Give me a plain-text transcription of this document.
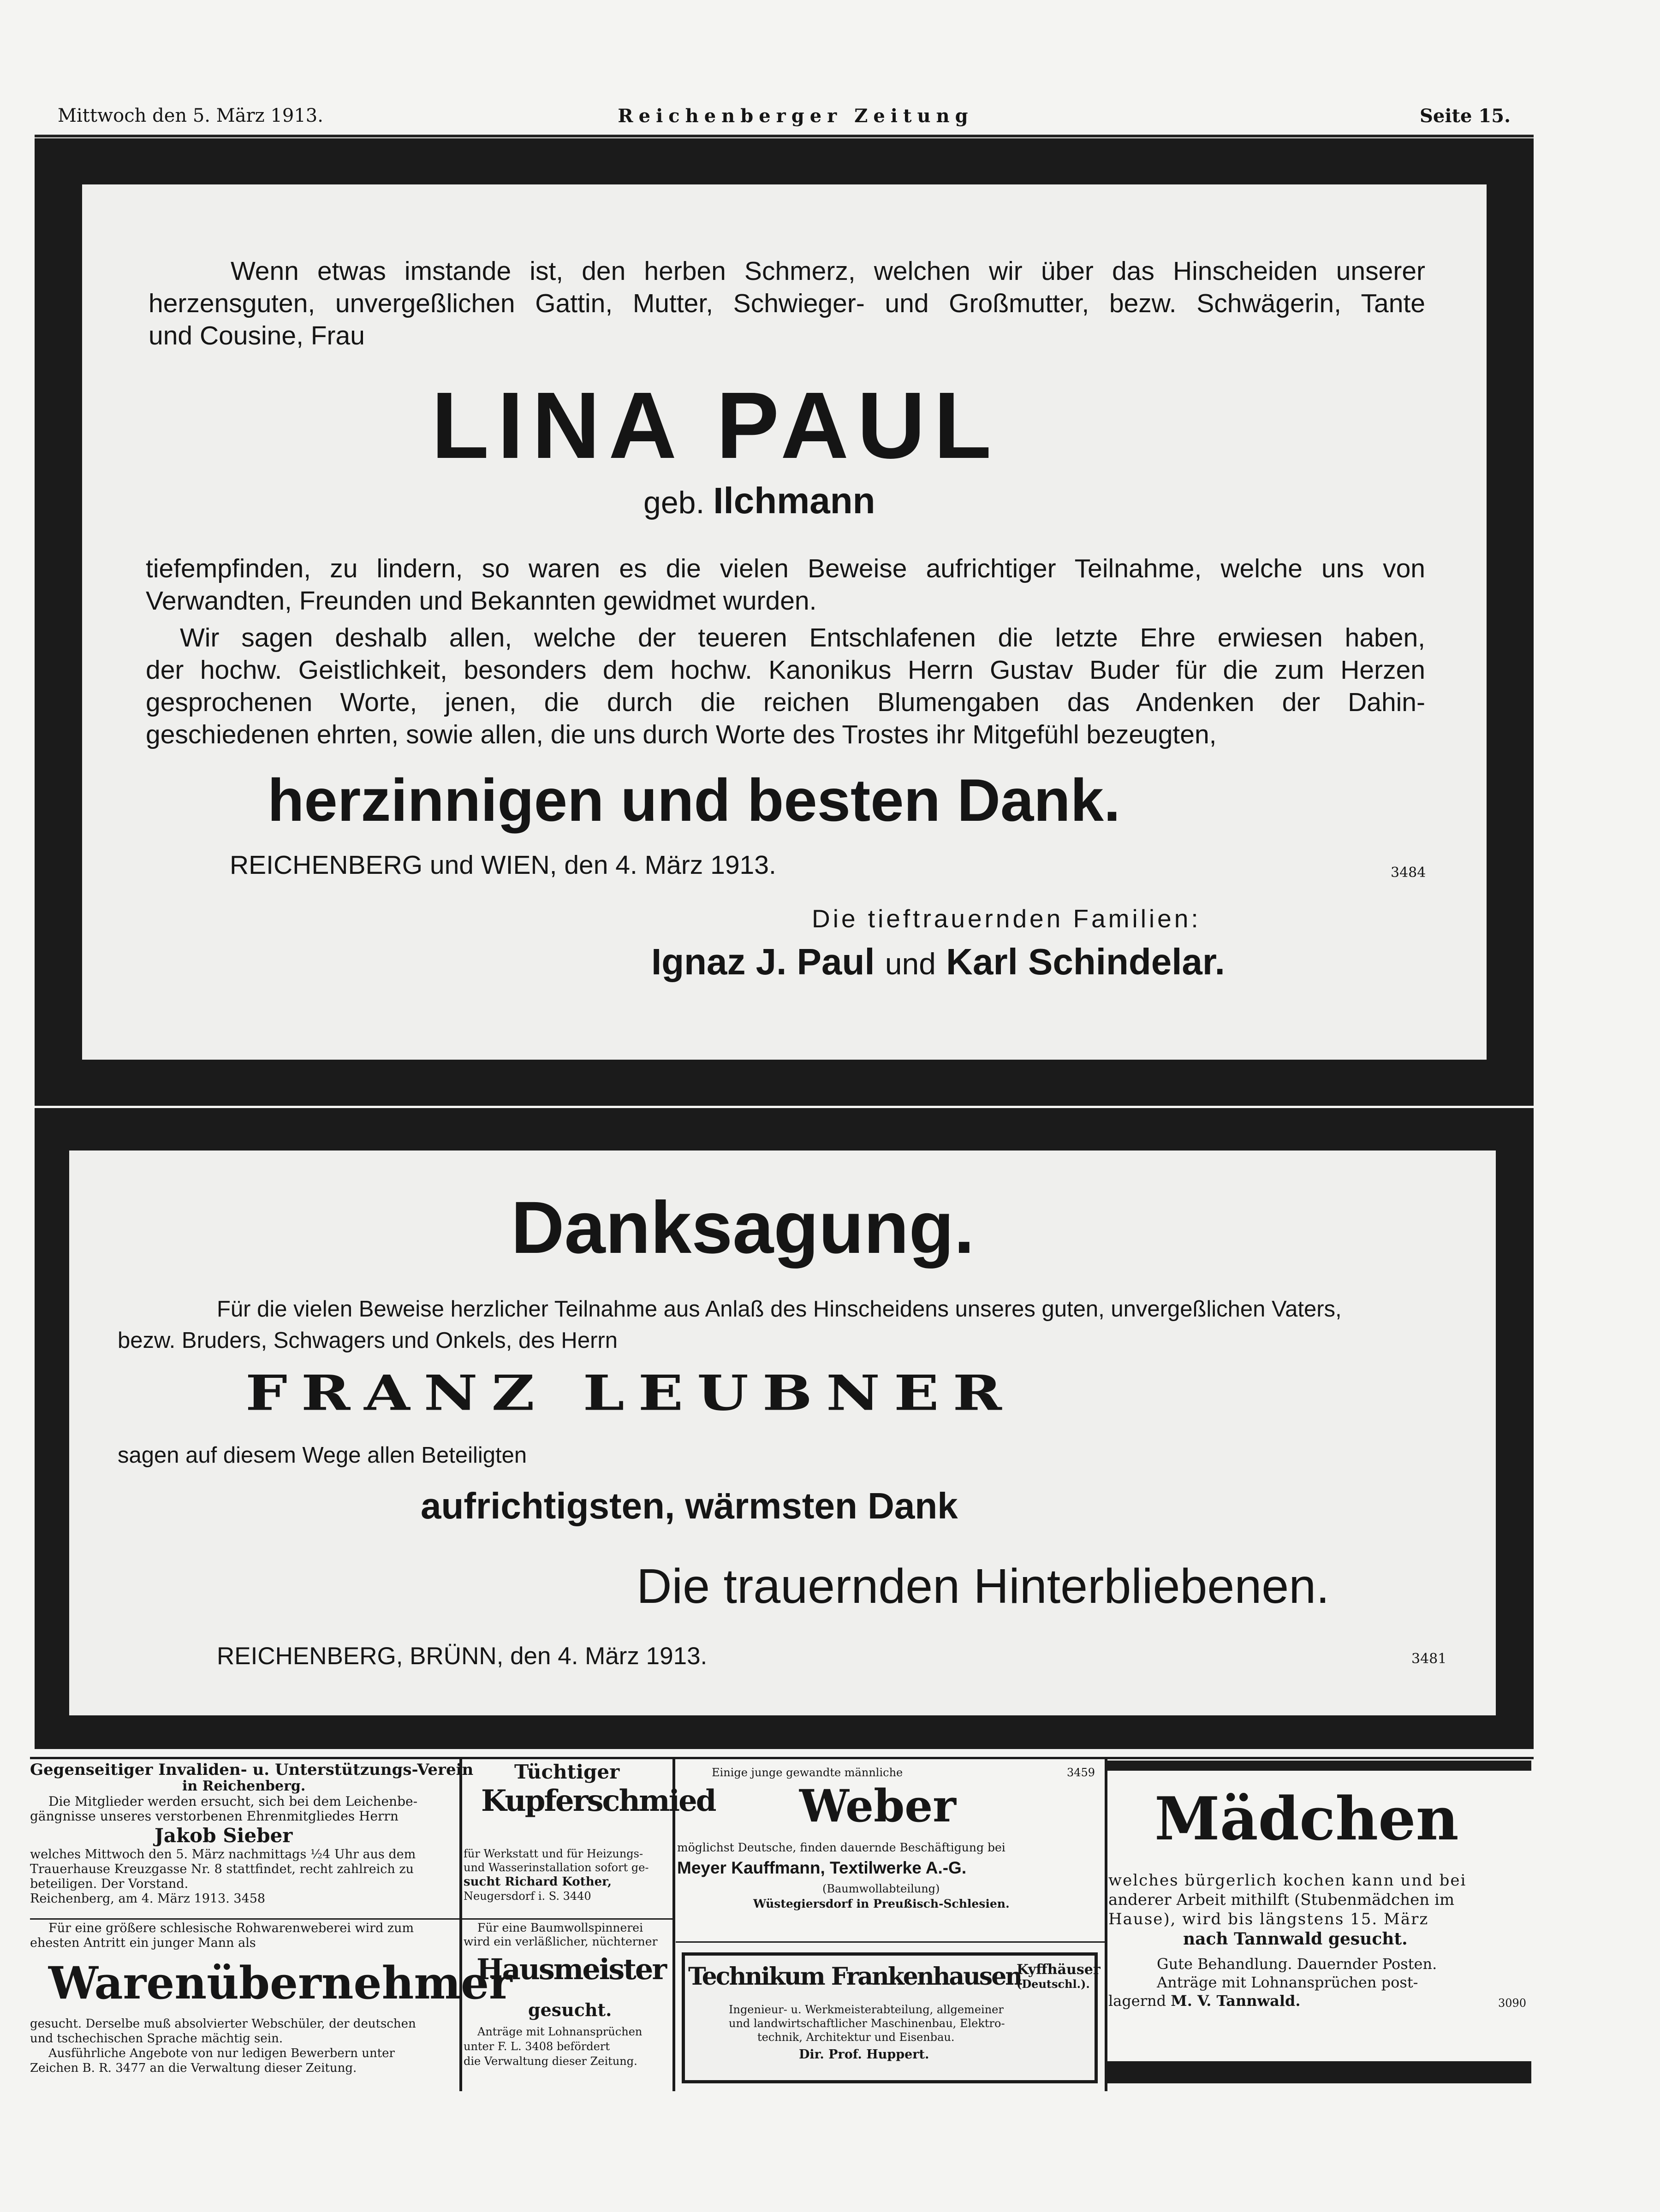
Mittwoch den 5. März 1913.	Reichenberger Zeitung	Seite 15.
Wenn etwas imstande ist, den herben Schmerz, welchen wir über das Hinscheiden unserer
herzensguten, unvergeßlichen Gattin, Mutter, Schwieger- und Großmutter, bezw. Schwägerin, Tante
und Cousine, Frau
LINA PAUL
geb. Ilchmann
tiefempfinden, zu lindern, so waren es die vielen Beweise aufrichtiger Teilnahme, welche uns von
Verwandten, Freunden und Bekannten gewidmet wurden.
Wir sagen deshalb allen, welche der teueren Entschlafenen die letzte Ehre erwiesen haben,
der hochw. Geistlichkeit, besonders dem hochw. Kanonikus Herrn Gustav Buder für die zum Herzen
gesprochenen Worte, jenen, die durch die reichen Blumengaben das Andenken der Dahin-
geschiedenen ehrten, sowie allen, die uns durch Worte des Trostes ihr Mitgefühl bezeugten,
herzinnigen und besten Dank.
REICHENBERG und WIEN, den 4. März 1913.	3484
Die tieftrauernden Familien:
Ignaz J. Paul und Karl Schindelar.
Danksagung.
Für die vielen Beweise herzlicher Teilnahme aus Anlaß des Hinscheidens unseres guten, unvergeßlichen Vaters,
bezw. Bruders, Schwagers und Onkels, des Herrn
FRANZ LEUBNER
sagen auf diesem Wege allen Beteiligten
aufrichtigsten, wärmsten Dank
Die trauernden Hinterbliebenen.
REICHENBERG, BRÜNN, den 4. März 1913.	3481
Gegenseitiger Invaliden- u. Unterstützungs-Verein
in Reichenberg.
Die Mitglieder werden ersucht, sich bei dem Leichenbe-
gängnisse unseres verstorbenen Ehrenmitgliedes Herrn
Jakob Sieber
welches Mittwoch den 5. März nachmittags ½4 Uhr aus dem
Trauerhause Kreuzgasse Nr. 8 stattfindet, recht zahlreich zu
beteiligen. Der Vorstand.
Reichenberg, am 4. März 1913. 3458
Für eine größere schlesische Rohwarenweberei wird zum
ehesten Antritt ein junger Mann als
Warenübernehmer
gesucht. Derselbe muß absolvierter Webschüler, der deutschen
und tschechischen Sprache mächtig sein.
Ausführliche Angebote von nur ledigen Bewerbern unter
Zeichen B. R. 3477 an die Verwaltung dieser Zeitung.
Tüchtiger
Kupferschmied
für Werkstatt und für Heizungs-
und Wasserinstallation sofort ge-
sucht Richard Kother,
Neugersdorf i. S. 3440
Für eine Baumwollspinnerei
wird ein verläßlicher, nüchterner
Hausmeister
gesucht.
Anträge mit Lohnansprüchen
unter F. L. 3408 befördert
die Verwaltung dieser Zeitung.
Einige junge gewandte männliche	3459
Weber
möglichst Deutsche, finden dauernde Beschäftigung bei
Meyer Kauffmann, Textilwerke A.-G.
(Baumwollabteilung)
Wüstegiersdorf in Preußisch-Schlesien.
Technikum Frankenhausen
Kyffhäuser
(Deutschl.).
Ingenieur- u. Werkmeisterabteilung, allgemeiner
und landwirtschaftlicher Maschinenbau, Elektro-
technik, Architektur und Eisenbau.
Dir. Prof. Huppert.
Mädchen
welches bürgerlich kochen kann und bei
anderer Arbeit mithilft (Stubenmädchen im
Hause), wird bis längstens 15. März
nach Tannwald gesucht.
Gute Behandlung. Dauernder Posten.
Anträge mit Lohnansprüchen post-
lagernd M. V. Tannwald.	3090
